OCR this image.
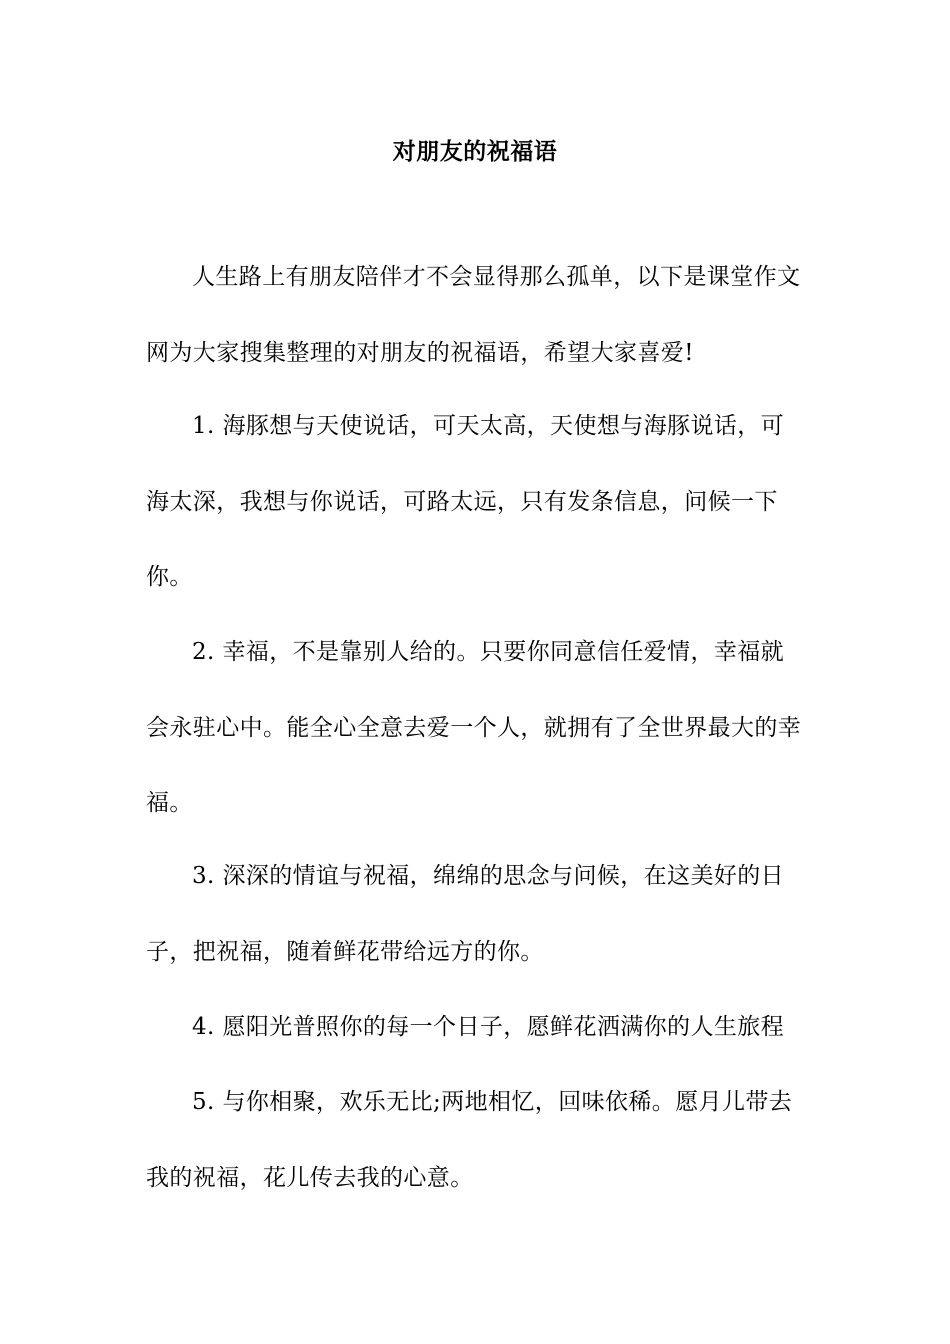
对朋友的祝福语

人生路上有朋友陪伴才不会显得那么孤单，以下是课堂作文网为大家搜集整理的对朋友的祝福语，希望大家喜爱!

1. 海豚想与天使说话，可天太高，天使想与海豚说话，可海太深，我想与你说话，可路太远，只有发条信息，问候一下你。

2. 幸福，不是靠别人给的。只要你同意信任爱情，幸福就会永驻心中。能全心全意去爱一个人，就拥有了全世界最大的幸福。

3. 深深的情谊与祝福，绵绵的思念与问候，在这美好的日子，把祝福，随着鲜花带给远方的你。

4. 愿阳光普照你的每一个日子，愿鲜花洒满你的人生旅程

5. 与你相聚，欢乐无比;两地相忆，回味依稀。愿月儿带去我的祝福，花儿传去我的心意。
